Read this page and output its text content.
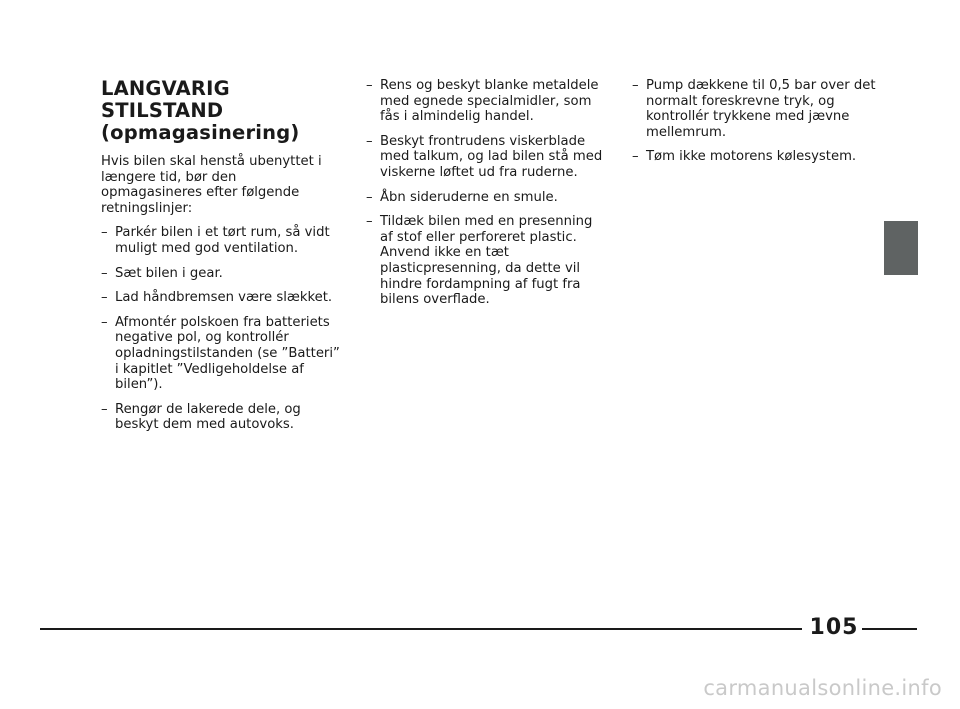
LANGVARIG STILSTAND
(opmagasinering)

Hvis bilen skal henstå ubenyttet i længere tid, bør den opmagasineres efter følgende retningslinjer:

– Parkér bilen i et tørt rum, så vidt muligt med god ventilation.
– Sæt bilen i gear.
– Lad håndbremsen være slækket.
– Afmontér polskoen fra batteriets negative pol, og kontrollér opladningstilstanden (se ”Batteri” i kapitlet ”Vedligeholdelse af bilen”).
– Rengør de lakerede dele, og beskyt dem med autovoks.
– Rens og beskyt blanke metaldele med egnede specialmidler, som fås i almindelig handel.
– Beskyt frontrudens viskerblade med talkum, og lad bilen stå med viskerne løftet ud fra ruderne.
– Åbn sideruderne en smule.
– Tildæk bilen med en presenning af stof eller perforeret plastic. Anvend ikke en tæt plasticpresenning, da dette vil hindre fordampning af fugt fra bilens overflade.
– Pump dækkene til 0,5 bar over det normalt foreskrevne tryk, og kontrollér trykkene med jævne mellemrum.
– Tøm ikke motorens kølesystem.
105
carmanualsonline.info
